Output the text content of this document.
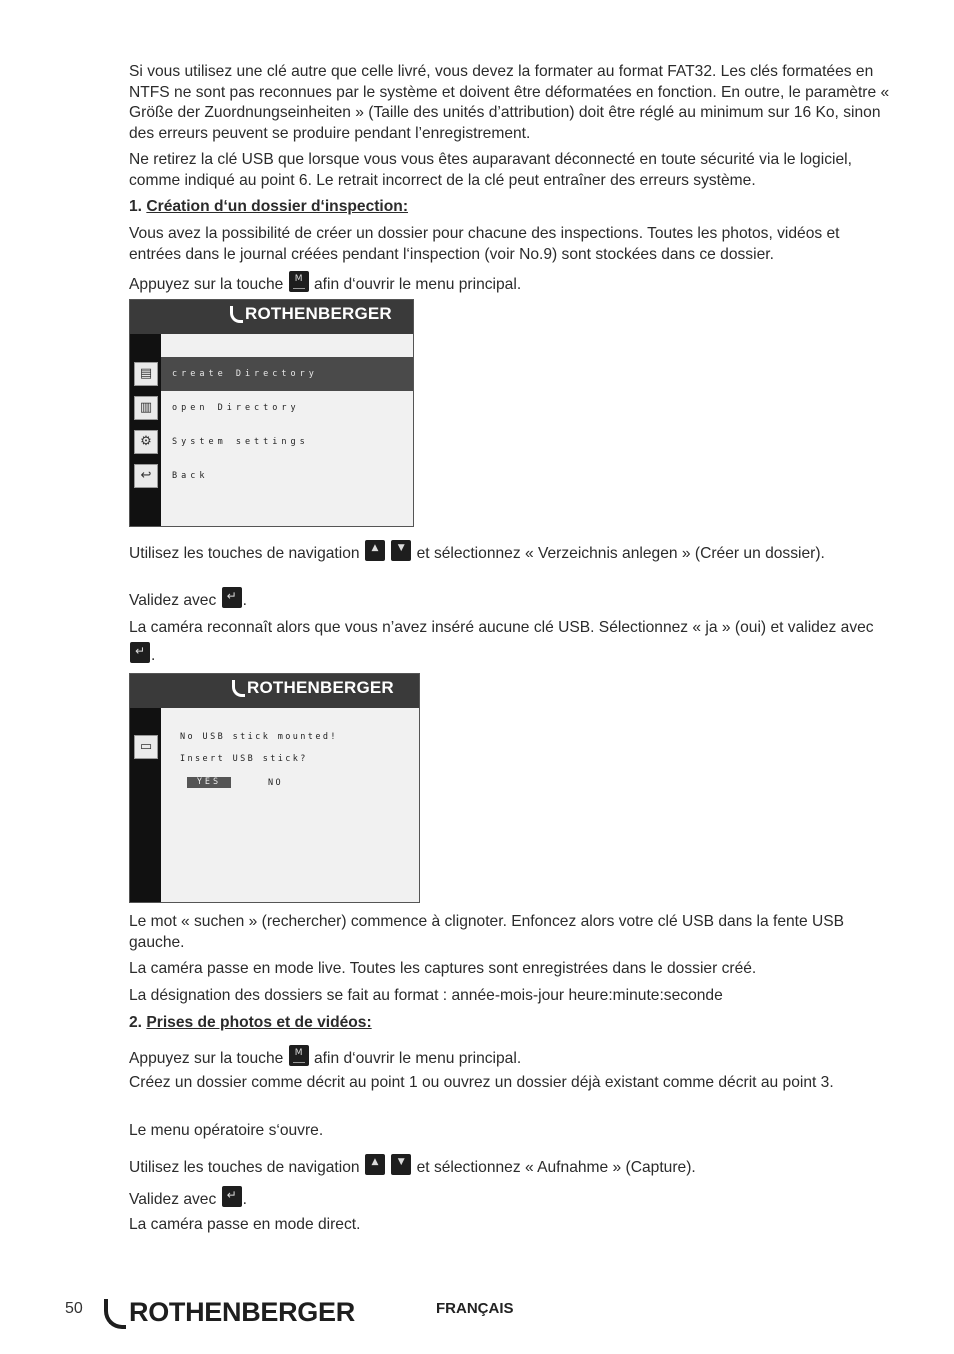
Si vous utilisez une clé autre que celle livré, vous devez la formater au format FAT32. Les clés formatées en NTFS ne sont pas reconnues par le système et doivent être déformatées en fonction. En outre, le paramètre « Größe der Zuordnungseinheiten » (Taille des unités d’attribution) doit être réglé au minimum sur 16 Ko, sinon des erreurs peuvent se produire pendant l’enregistrement.

Ne retirez la clé USB que lorsque vous vous êtes auparavant déconnecté en toute sécurité via le logiciel, comme indiqué au point 6. Le retrait incorrect de la clé peut entraîner des erreurs système.

1. Création d‘un dossier d‘inspection:

Vous avez la possibilité de créer un dossier pour chacune des inspections. Toutes les photos, vidéos et entrées dans le journal créées pendant l‘inspection (voir No.9) sont stockées dans ce dossier.

Appuyez sur la touche	M afin d‘ouvrir le menu principal.

ROTHENBERGER
create Directory
open Directory
System settings
Back
▤
▥
⚙
↩

Utilisez les touches de navigation	▲
	▼ et sélectionnez « Verzeichnis anlegen » (Créer un dossier).

Validez avec ↵ .

La caméra reconnaît alors que vous n’avez inséré aucune clé USB. Sélectionnez « ja » (oui) et validez avec
↵ .

ROTHENBERGER
▭
No USB stick mounted!
Insert USB stick?
YES	NO

Le mot « suchen » (rechercher) commence à clignoter. Enfoncez alors votre clé USB dans la fente USB gauche.

La caméra passe en mode live. Toutes les captures sont enregistrées dans le dossier créé.

La désignation des dossiers se fait au format : année-mois-jour heure:minute:seconde

2. Prises de photos et de vidéos:

Appuyez sur la touche	M afin d‘ouvrir le menu principal.

Créez un dossier comme décrit au point 1 ou ouvrez un dossier déjà existant comme décrit au point 3.

Le menu opératoire s‘ouvre.

Utilisez les touches de navigation	▲
	▼ et sélectionnez « Aufnahme » (Capture).

Validez avec ↵ .

La caméra passe en mode direct.

50	ROTHENBERGER	FRANÇAIS
